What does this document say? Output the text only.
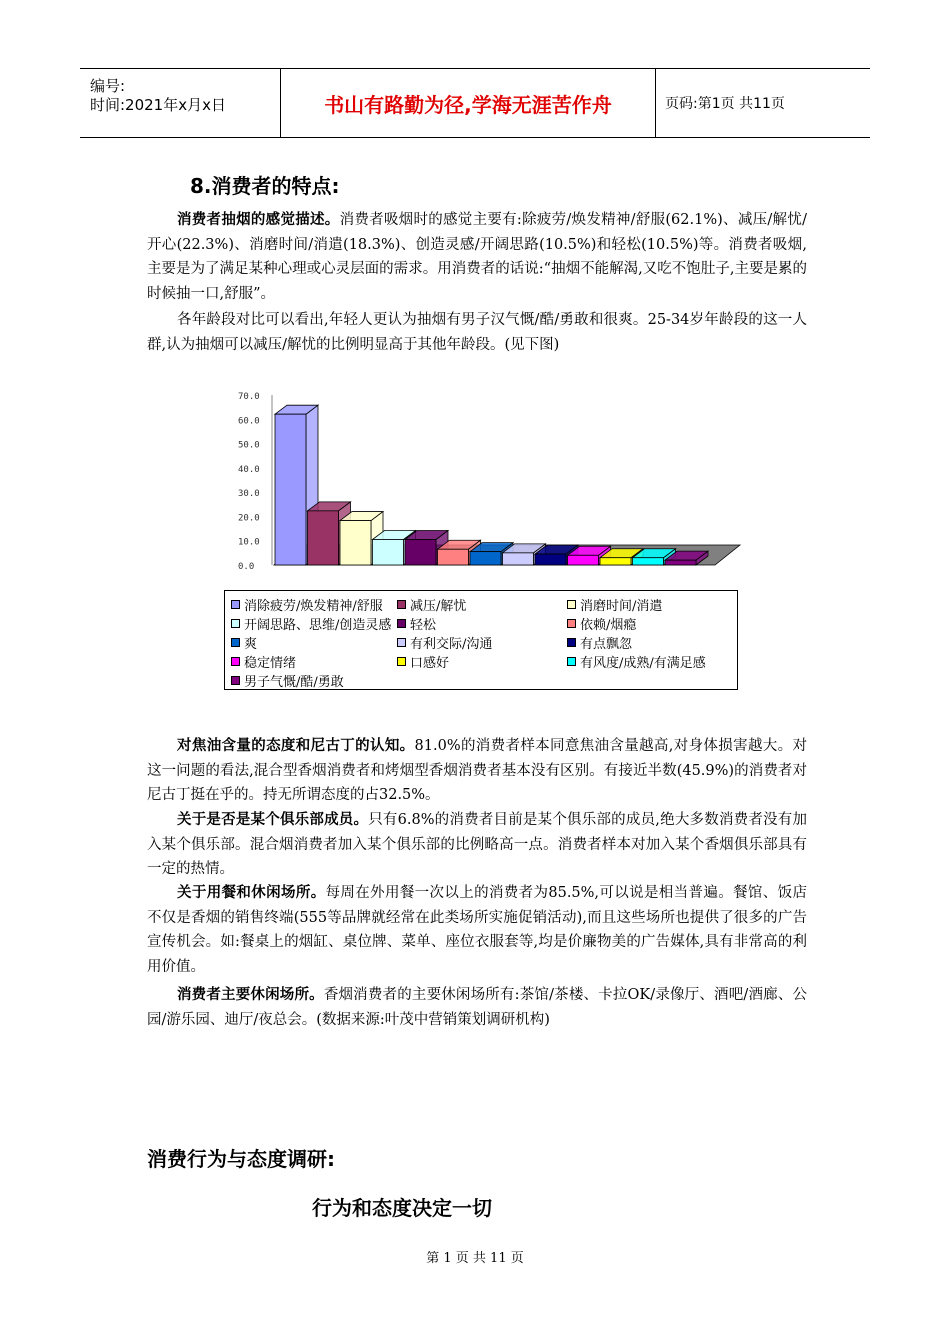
编号:
时间:2021年x月x日	书山有路勤为径,学海无涯苦作舟	页码:第1页 共11页
8.消费者的特点:

消费者抽烟的感觉描述。消费者吸烟时的感觉主要有:除疲劳/焕发精神/舒服(62.1%)、减压/解忧/开心(22.3%)、消磨时间/消遣(18.3%)、创造灵感/开阔思路(10.5%)和轻松(10.5%)等。消费者吸烟,主要是为了满足某种心理或心灵层面的需求。用消费者的话说:“抽烟不能解渴,又吃不饱肚子,主要是累的时候抽一口,舒服”。

各年龄段对比可以看出,年轻人更认为抽烟有男子汉气慨/酷/勇敢和很爽。25-34岁年龄段的这一人群,认为抽烟可以减压/解忧的比例明显高于其他年龄段。(见下图)

70.0
60.0
50.0
40.0
30.0
20.0
10.0
0.0
消除疲劳/焕发精神/舒服 减压/解忧	消磨时间/消遣
开阔思路、思维/创造灵感 轻松	依赖/烟瘾
爽	有利交际/沟通	有点飘忽
稳定情绪	口感好	有风度/成熟/有满足感
男子气慨/酷/勇敢

对焦油含量的态度和尼古丁的认知。81.0%的消费者样本同意焦油含量越高,对身体损害越大。对这一问题的看法,混合型香烟消费者和烤烟型香烟消费者基本没有区别。有接近半数(45.9%)的消费者对尼古丁挺在乎的。持无所谓态度的占32.5%。

关于是否是某个俱乐部成员。只有6.8%的消费者目前是某个俱乐部的成员,绝大多数消费者没有加入某个俱乐部。混合烟消费者加入某个俱乐部的比例略高一点。消费者样本对加入某个香烟俱乐部具有一定的热情。

关于用餐和休闲场所。每周在外用餐一次以上的消费者为85.5%,可以说是相当普遍。餐馆、饭店不仅是香烟的销售终端(555等品牌就经常在此类场所实施促销活动),而且这些场所也提供了很多的广告宣传机会。如:餐桌上的烟缸、桌位牌、菜单、座位衣服套等,均是价廉物美的广告媒体,具有非常高的利用价值。

消费者主要休闲场所。香烟消费者的主要休闲场所有:茶馆/茶楼、卡拉OK/录像厅、酒吧/酒廊、公园/游乐园、迪厅/夜总会。(数据来源:叶茂中营销策划调研机构)

消费行为与态度调研:
行为和态度决定一切
第 1 页 共 11 页
